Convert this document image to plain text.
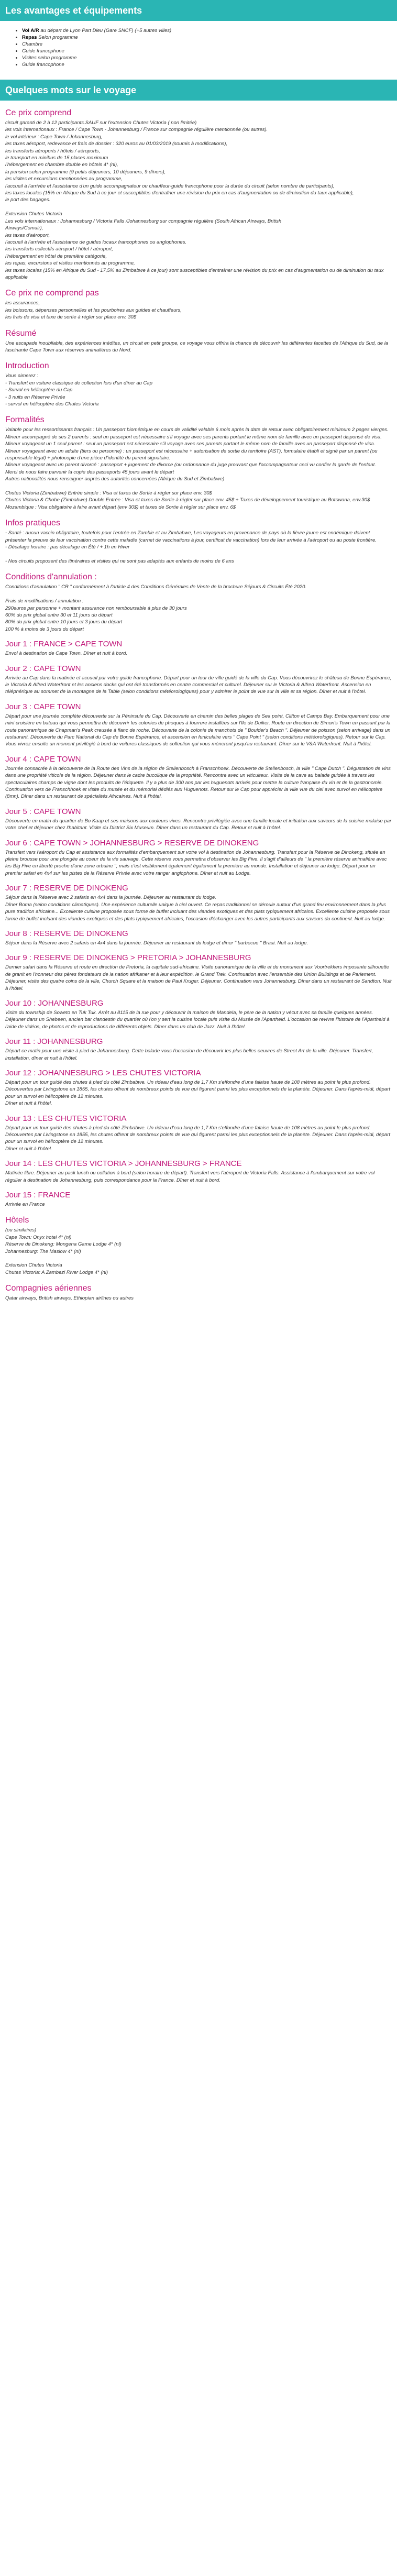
Les avantages et équipements
• Vol A/R au départ de Lyon Part Dieu (Gare SNCF) (+5 autres villes)
• Repas Selon programme
• Chambre
• Guide francophone
• Visites selon programme
• Guide francophone
Quelques mots sur le voyage
Ce prix comprend
circuit garanti de 2 à 12 participants.SAUF sur l'extension Chutes Victoria ( non limitée)
les vols internationaux : France / Cape Town - Johannesburg / France sur compagnie régulière mentionnée (ou autres).
le vol intérieur : Cape Town / Johannesburg,
les taxes aéroport, redevance et frais de dossier : 320 euros au 01/03/2019 (soumis à modifications),
les transferts aéroports / hôtels / aéroports,
le transport en minibus de 15 places maximum
l'hébergement en chambre double en hôtels 4* (nl),
la pension selon programme (9 petits déjeuners, 10 déjeuners, 9 dîners),
les visites et excursions mentionnées au programme,
l'accueil à l'arrivée et l'assistance d'un guide accompagnateur ou chauffeur-guide francophone pour la durée du circuit (selon nombre de participants),
les taxes locales (15% en Afrique du Sud à ce jour et susceptibles d'entraîner une révision du prix en cas d'augmentation ou de diminution du taux applicable),
le port des bagages.

Extension Chutes Victoria
Les vols internationaux : Johannesburg / Victoria Falls /Johannesburg sur compagnie régulière (South African Airways, British
Airways/Comair),
les taxes d'aéroport,
l'accueil à l'arrivée et l'assistance de guides locaux francophones ou anglophones.
les transferts collectifs aéroport / hôtel / aéroport,
l'hébergement en hôtel de première catégorie,
les repas, excursions et visites mentionnés au programme,
les taxes locales (15% en Afrique du Sud - 17,5% au Zimbabwe à ce jour) sont susceptibles d'entraîner une révision du prix en cas d'augmentation ou de diminution du taux applicable
Ce prix ne comprend pas
les assurances,
les boissons, dépenses personnelles et les pourboires aux guides et chauffeurs,
les frais de visa et taxe de sortie à régler sur place env. 30$
Résumé
Une escapade inoubliable, des expériences inédites, un circuit en petit groupe, ce voyage vous offrira la chance de découvrir les différentes facettes de l'Afrique du Sud, de la fascinante Cape Town aux réserves animalières du Nord.
Introduction
Vous aimerez :
- Transfert en voiture classique de collection lors d'un dîner au Cap
- Survol en hélicoptère du Cap
- 3 nuits en Réserve Privée
- survol en hélicoptère des Chutes Victoria
Formalités
Valable pour les ressortissants français : Un passeport biométrique en cours de validité valable 6 mois après la date de retour avec obligatoirement minimum 2 pages vierges.
Mineur accompagné de ses 2 parents : seul un passeport est nécessaire s'il voyage avec ses parents portant le même nom de famille avec un passeport disponsé de visa.
Mineur voyageant un 1 seul parent : seul un passeport est nécessaire s'il voyage avec ses parents portant le même nom de famille avec un passeport disponsé de visa.
Mineur voyageant avec un adulte (tiers ou personne) : un passeport est nécessaire + autorisation de sortie du territoire (AST), formulaire établi et signé par un parent (ou responsable légal) + photocopie d'une pièce d'identité du parent signataire.
Mineur voyageant avec un parent divorcé : passeport + jugement de divorce (ou ordonnance du juge prouvant que l'accompagnateur ceci vu confier la garde de l'enfant.
Merci de nous faire parvenir la copie des passeports 45 jours avant le départ
Autres nationalités nous renseigner auprès des autorités concernées (Afrique du Sud et Zimbabwe)

Chutes Victoria (Zimbabwe) Entrée simple : Visa et taxes de Sortie à régler sur place env. 30$
Chutes Victoria & Chobe (Zimbabwe) Double Entrée : Visa et taxes de Sortie à régler sur place env. 45$ + Taxes de développement touristique au Botswana, env.30$
Mozambique : Visa obligatoire à faire avant départ (env 30$) et taxes de Sortie à régler sur place env. 6$
Infos pratiques
- Santé : aucun vaccin obligatoire, toutefois pour l'entrée en Zambie et au Zimbabwe, Les voyageurs en provenance de pays où la fièvre jaune est endémique doivent présenter la preuve de leur vaccination contre cette maladie (carnet de vaccinations à jour, certificat de vaccination) lors de leur arrivée à l'aéroport ou au poste frontière.
- Décalage horaire : pas décalage en Été / + 1h en Hiver

- Nos circuits proposent des itinéraires et visites qui ne sont pas adaptés aux enfants de moins de 6 ans
Conditions d'annulation :
Conditions d'annulation " CR " conformément à l'article 4 des Conditions Générales de Vente de la brochure Séjours & Circuits Été 2020.

Frais de modifications / annulation :
290euros par personne + montant assurance non remboursable à plus de 30 jours
60% du prix global entre 30 et 11 jours du départ
80% du prix global entre 10 jours et 3 jours du départ
100 % à moins de 3 jours du départ
Jour 1 : FRANCE > CAPE TOWN
Envol à destination de Cape Town. Dîner et nuit à bord.
Jour 2 : CAPE TOWN
Arrivée au Cap dans la matinée et accueil par votre guide francophone. Départ pour un tour de ville guidé de la ville du Cap. Vous découvrirez le château de Bonne Espérance, le Victoria & Alfred Waterfront et les anciens docks qui ont été transformés en centre commercial et culturel. Déjeuner sur le Victoria & Alfred Waterfront. Ascension en téléphérique au sommet de la montagne de la Table (selon conditions météorologiques) pour y admirer le point de vue sur la ville et sa région. Dîner et nuit à l'hôtel.
Jour 3 : CAPE TOWN
Départ pour une journée complète découverte sur la Péninsule du Cap. Découverte en chemin des belles plages de Sea point, Clifton et Camps Bay. Embarquement pour une mini croisière en bateau qui vous permettra de découvrir les colonies de phoques à fourrure installées sur l'île de Duiker. Route en direction de Simon's Town en passant par la route panoramique de Chapman's Peak creusée à flanc de roche. Découverte de la colonie de manchots de " Boulder's Beach ". Déjeuner de poisson (selon arrivage) dans un restaurant. Découverte du Parc National du Cap de Bonne Espérance, et ascension en funiculaire vers " Cape Point " (selon conditions météorologiques). Retour sur le Cap. Vous vivrez ensuite un moment privilégié à bord de voitures classiques de collection qui vous mèneront jusqu'au restaurant. Dîner sur le V&A Waterfront. Nuit à l'hôtel.
Jour 4 : CAPE TOWN
Journée consacrée à la découverte de la Route des Vins de la région de Stellenbosch à Franschhoek. Découverte de Stellenbosch, la ville " Cape Dutch ". Dégustation de vins dans une propriété viticole de la région. Déjeuner dans le cadre bucolique de la propriété. Rencontre avec un viticulteur. Visite de la cave au balade guidée à travers les spectaculaires champs de vigne dont les produits de l'étiquette. Il y a plus de 300 ans par les huguenots arrivés pour mettre la culture française du vin et de la gastronomie. Continuation vers de Franschhoek et visite du musée et du mémorial dédiés aux Huguenots. Retour sur le Cap pour apprécier la ville vue du ciel avec survol en hélicoptère (8mn). Dîner dans un restaurant de spécialités Africaines. Nuit à l'hôtel.
Jour 5 : CAPE TOWN
Découverte en matin du quartier de Bo Kaap et ses maisons aux couleurs vives. Rencontre privilégiée avec une famille locale et initiation aux saveurs de la cuisine malaise par votre chef et déjeuner chez l'habitant. Visite du District Six Museum. Dîner dans un restaurant du Cap. Retour et nuit à l'hôtel.
Jour 6 : CAPE TOWN > JOHANNESBURG > RESERVE DE DINOKENG
Transfert vers l'aéroport du Cap et assistance aux formalités d'embarquement sur votre vol à destination de Johannesburg. Transfert pour la Réserve de Dinokeng, située en pleine brousse pour une plongée au coeur de la vie sauvage. Cette réserve vous permettra d'observer les Big Five. Il s'agit d'ailleurs de " la première réserve animalière avec les Big Five en liberté proche d'une zone urbaine ", mais c'est visiblement également également la première au monde. Installation et déjeuner au lodge. Départ pour un premier safari en 4x4 sur les pistes de la Réserve Privée avec votre ranger anglophone. Dîner et nuit au Lodge.
Jour 7 : RESERVE DE DINOKENG
Séjour dans la Réserve avec 2 safaris en 4x4 dans la journée. Déjeuner au restaurant du lodge.
Dîner Boma (selon conditions climatiques). Une expérience culturelle unique à ciel ouvert. Ce repas traditionnel se déroule autour d'un grand feu environnement dans la plus pure tradition africaine... Excellente cuisine proposée sous forme de buffet incluant des viandes exotiques et des plats typiquement africains. Excellente cuisine proposée sous forme de buffet incluant des viandes exotiques et des plats typiquement africains, l'occasion d'échanger avec les autres participants aux saveurs du continent. Nuit au lodge.
Jour 8 : RESERVE DE DINOKENG
Séjour dans la Réserve avec 2 safaris en 4x4 dans la journée. Déjeuner au restaurant du lodge et dîner " barbecue " Braai. Nuit au lodge.
Jour 9 : RESERVE DE DINOKENG > PRETORIA > JOHANNESBURG
Dernier safari dans la Réserve et route en direction de Pretoria, la capitale sud-africaine. Visite panoramique de la ville et du monument aux Voortrekkers imposante silhouette de granit en l'honneur des pères fondateurs de la nation afrikaner et à leur expédition, le Grand Trek. Continuation avec l'ensemble des Union Buildings et de Parlement. Déjeuner, visite des quatre coins de la ville, Church Square et la maison de Paul Kruger. Déjeuner. Continuation vers Johannesburg. Dîner dans un restaurant de Sandton. Nuit à l'hôtel.
Jour 10 : JOHANNESBURG
Visite du township de Soweto en Tuk Tuk. Arrêt au 8115 de la rue pour y découvrir la maison de Mandela, le père de la nation y vécut avec sa famille quelques années. Déjeuner dans un Shebeen, ancien bar clandestin du quartier où l'on y sert la cuisine locale puis visite du Musée de l'Apartheid. L'occasion de revivre l'histoire de l'Apartheid à l'aide de vidéos, de photos et de reproductions de différents objets. Dîner dans un club de Jazz. Nuit à l'hôtel.
Jour 11 : JOHANNESBURG
Départ ce matin pour une visite à pied de Johannesburg. Cette balade vous l'occasion de découvrir les plus belles oeuvres de Street Art de la ville. Déjeuner. Transfert, installation, dîner et nuit à l'hôtel.
Jour 12 : JOHANNESBURG > LES CHUTES VICTORIA
Départ pour un tour guidé des chutes à pied du côté Zimbabwe. Un rideau d'eau long de 1,7 Km s'effondre d'une falaise haute de 108 mètres au point le plus profond. Découvertes par Livingstone en 1855, les chutes offrent de nombreux points de vue qui figurent parmi les plus exceptionnels de la planète. Déjeuner. Dans l'après-midi, départ pour un survol en hélicoptère de 12 minutes.
Dîner et nuit à l'hôtel.
Jour 13 : LES CHUTES VICTORIA
Départ pour un tour guidé des chutes à pied du côté Zimbabwe. Un rideau d'eau long de 1,7 Km s'effondre d'une falaise haute de 108 mètres au point le plus profond. Découvertes par Livingstone en 1855, les chutes offrent de nombreux points de vue qui figurent parmi les plus exceptionnels de la planète. Déjeuner. Dans l'après-midi, départ pour un survol en hélicoptère de 12 minutes.
Dîner et nuit à l'hôtel.
Jour 14 : LES CHUTES VICTORIA > JOHANNESBURG > FRANCE
Matinée libre. Déjeuner au pack lunch ou collation à bord (selon horaire de départ). Transfert vers l'aéroport de Victoria Falls. Assistance à l'embarquement sur votre vol régulier à destination de Johannesburg, puis correspondance pour la France. Dîner et nuit à bord.
Jour 15 : FRANCE
Arrivée en France
Hôtels
(ou similaires)
Cape Town: Onyx hotel 4* (nl)
Réserve de Dinokeng: Mongena Game Lodge 4* (nl)
Johannesburg: The Maslow 4* (nl)

Extension Chutes Victoria
Chutes Victoria: A Zambezi River Lodge 4* (nl)
Compagnies aériennes
Qatar airways, British airways, Ethiopian airlines ou autres
